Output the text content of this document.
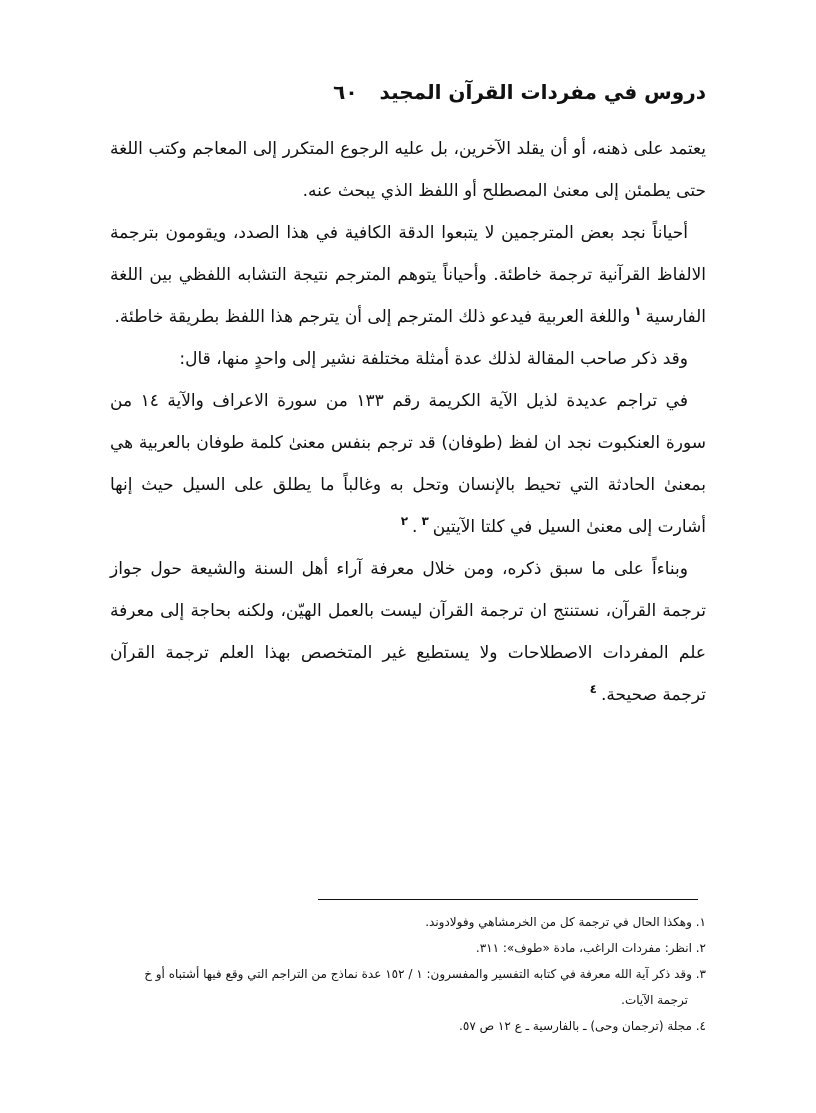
دروس في مفردات القرآن المجيد
٦٠

يعتمد على ذهنه، أو أن يقلد الآخرين، بل عليه الرجوع المتكرر إلى المعاجم وكتب اللغة حتى يطمئن إلى معنىٰ المصطلح أو اللفظ الذي يبحث عنه.

أحياناً نجد بعض المترجمين لا يتبعوا الدقة الكافية في هذا الصدد، ويقومون بترجمة الالفاظ القرآنية ترجمة خاطئة. وأحياناً يتوهم المترجم نتيجة التشابه اللفظي بين اللغة الفارسية$^١$واللغة العربية فيدعو ذلك المترجم إلى أن يترجم هذا اللفظ بطريقة خاطئة.

وقد ذكر صاحب المقالة لذلك عدة أمثلة مختلفة نشير إلى واحدٍ منها، قال:

في تراجم عديدة لذيل الآية الكريمة رقم ١٣٣ من سورة الاعراف والآية ١٤ من سورة العنكبوت نجد ان لفظ (طوفان) قد ترجم بنفس معنىٰ كلمة طوفان بالعربية هي بمعنىٰ الحادثة التي تحيط بالإنسان وتحل به وغالباً ما يطلق على السيل حيث إنها أشارت إلى معنىٰ السيل في كلتا الآيتين$^٢$ . $^٣$

وبناءاً على ما سبق ذكره، ومن خلال معرفة آراء أهل السنة والشيعة حول جواز ترجمة القرآن، نستنتج ان ترجمة القرآن ليست بالعمل الهيّن، ولكنه بحاجة إلى معرفة علم المفردات الاصطلاحات ولا يستطيع غير المتخصص بهذا العلم ترجمة القرآن ترجمة صحيحة.$^٤$

١. وهكذا الحال في ترجمة كل من الخرمشاهي وفولادوند.

٢. انظر: مفردات الراغب، مادة «طوف»: ٣١١.

٣. وقد ذكر آية الله معرفة في كتابه التفسير والمفسرون: ١ / ١٥٢ عدة نماذج من التراجم التي وقع فيها أشتباه أو خ

ترجمة الآيات.

٤. مجلة (ترجمان وحى) ـ بالفارسية ـ ع ١٢ ص ٥٧.
